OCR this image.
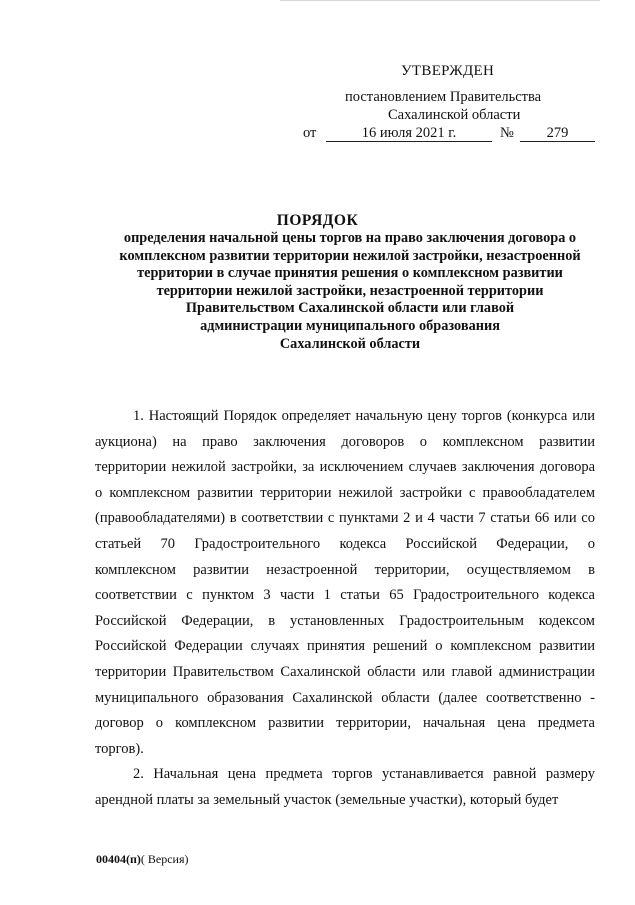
УТВЕРЖДЕН
постановлением Правительства
Сахалинской области
от	16 июля 2021 г.	№	279
ПОРЯДОК
определения начальной цены торгов на право заключения договора о
комплексном развитии территории нежилой застройки, незастроенной
территории в случае принятия решения о комплексном развитии
территории нежилой застройки, незастроенной территории
Правительством Сахалинской области или главой
администрации муниципального образования
Сахалинской области
1. Настоящий Порядок определяет начальную цену торгов (конкурса или
аукциона) на право заключения договоров о комплексном развитии
территории нежилой застройки, за исключением случаев заключения договора
о комплексном развитии территории нежилой застройки с правообладателем
(правообладателями) в соответствии с пунктами 2 и 4 части 7 статьи 66 или со
статьей 70 Градостроительного кодекса Российской Федерации, о
комплексном развитии незастроенной территории, осуществляемом в
соответствии с пунктом 3 части 1 статьи 65 Градостроительного кодекса
Российской Федерации, в установленных Градостроительным кодексом
Российской Федерации случаях принятия решений о комплексном развитии
территории Правительством Сахалинской области или главой администрации
муниципального образования Сахалинской области (далее соответственно -
договор о комплексном развитии территории, начальная цена предмета
торгов).
2. Начальная цена предмета торгов устанавливается равной размеру
арендной платы за земельный участок (земельные участки), который будет
00404(п)( Версия)
